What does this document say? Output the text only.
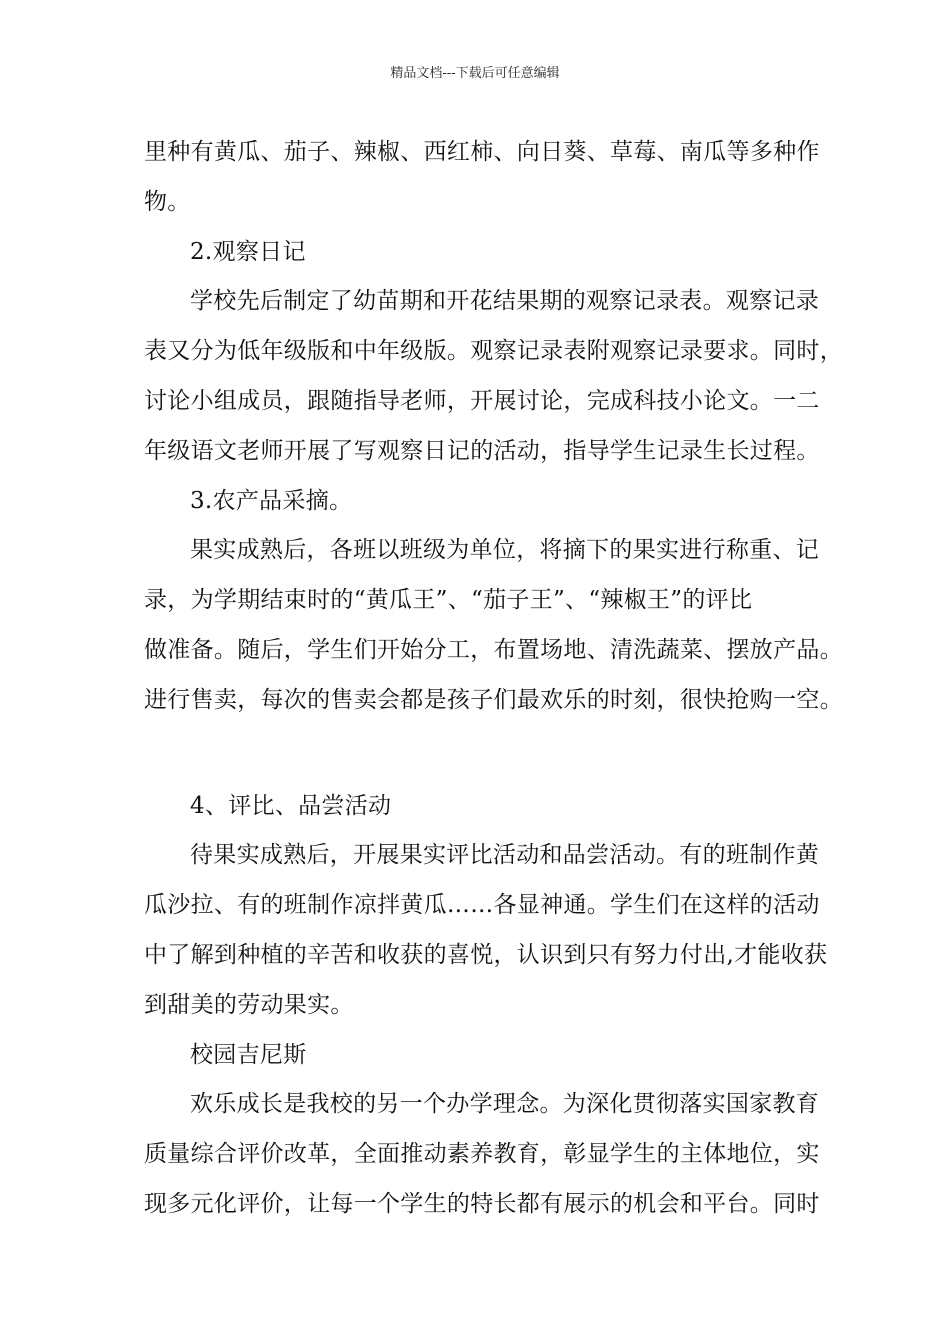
精品文档---下载后可任意编辑
里种有黄瓜、茄子、辣椒、西红柿、向日葵、草莓、南瓜等多种作
物。
2.观察日记
学校先后制定了幼苗期和开花结果期的观察记录表。观察记录
表又分为低年级版和中年级版。观察记录表附观察记录要求。同时，
讨论小组成员，跟随指导老师，开展讨论，完成科技小论文。一二
年级语文老师开展了写观察日记的活动，指导学生记录生长过程。
3.农产品采摘。
果实成熟后，各班以班级为单位，将摘下的果实进行称重、记
录，为学期结束时的“黄瓜王”、“茄子王”、“辣椒王”的评比
做准备。随后，学生们开始分工，布置场地、清洗蔬菜、摆放产品。
进行售卖，每次的售卖会都是孩子们最欢乐的时刻，很快抢购一空。
4、评比、品尝活动
待果实成熟后，开展果实评比活动和品尝活动。有的班制作黄
瓜沙拉、有的班制作凉拌黄瓜……各显神通。学生们在这样的活动
中了解到种植的辛苦和收获的喜悦，认识到只有努力付出,才能收获
到甜美的劳动果实。
校园吉尼斯
欢乐成长是我校的另一个办学理念。为深化贯彻落实国家教育
质量综合评价改革，全面推动素养教育，彰显学生的主体地位，实
现多元化评价，让每一个学生的特长都有展示的机会和平台。同时
